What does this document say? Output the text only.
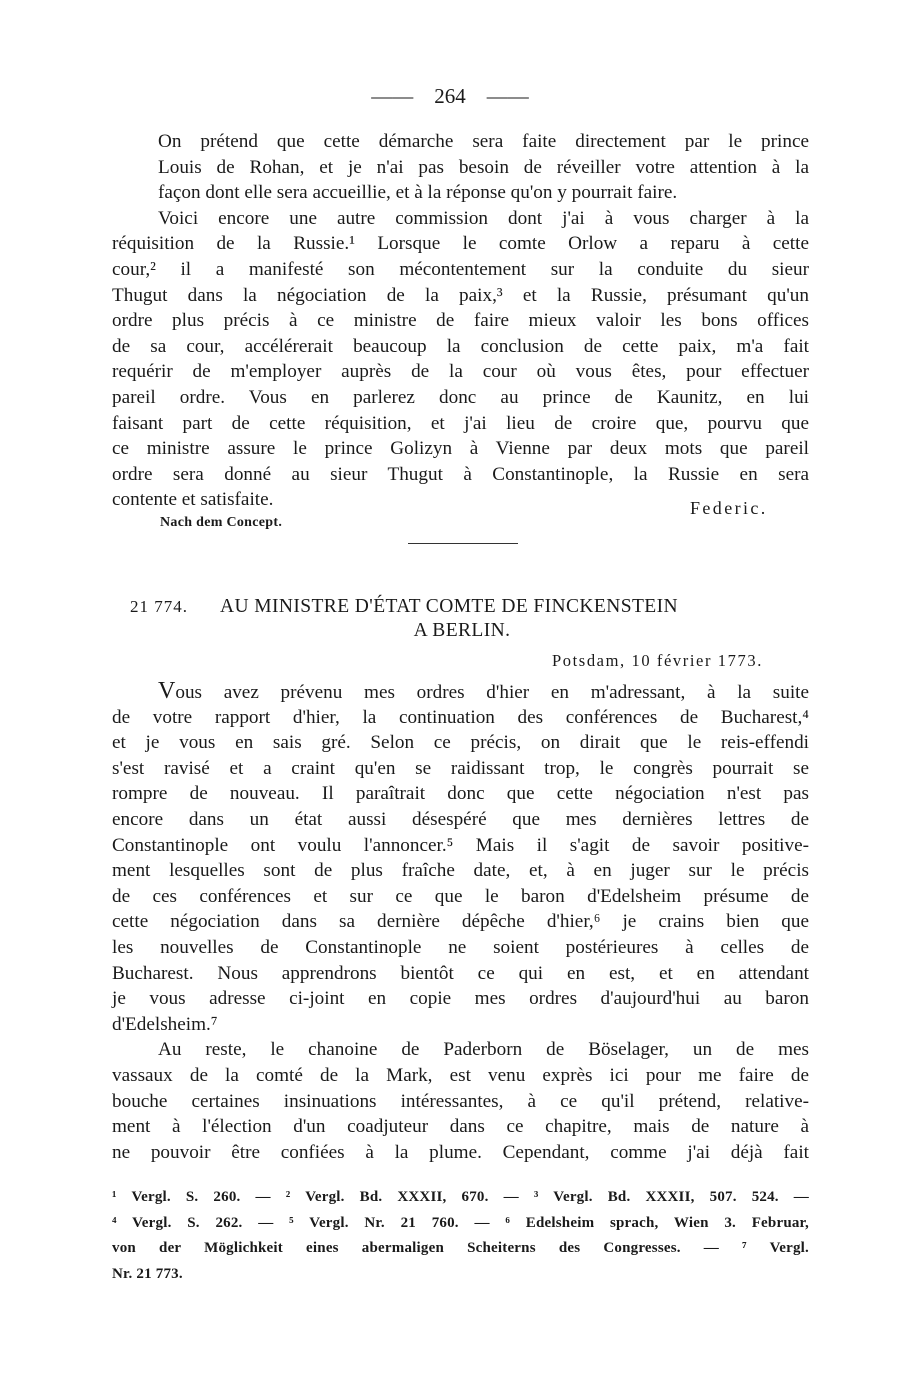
—— 264 ——

On prétend que cette démarche sera faite directement par le prince
Louis de Rohan, et je n'ai pas besoin de réveiller votre attention à la
façon dont elle sera accueillie, et à la réponse qu'on y pourrait faire.

Voici encore une autre commission dont j'ai à vous charger à la
réquisition de la Russie.¹ Lorsque le comte Orlow a reparu à cette
cour,² il a manifesté son mécontentement sur la conduite du sieur
Thugut dans la négociation de la paix,³ et la Russie, présumant qu'un
ordre plus précis à ce ministre de faire mieux valoir les bons offices
de sa cour, accélérerait beaucoup la conclusion de cette paix, m'a fait
requérir de m'employer auprès de la cour où vous êtes, pour effectuer
pareil ordre. Vous en parlerez donc au prince de Kaunitz, en lui
faisant part de cette réquisition, et j'ai lieu de croire que, pourvu que
ce ministre assure le prince Golizyn à Vienne par deux mots que pareil
ordre sera donné au sieur Thugut à Constantinople, la Russie en sera
contente et satisfaite.	Federic.
Nach dem Concept.
21 774. AU MINISTRE D'ÉTAT COMTE DE FINCKENSTEIN
A BERLIN.
Potsdam, 10 février 1773.

Vous avez prévenu mes ordres d'hier en m'adressant, à la suite
de votre rapport d'hier, la continuation des conférences de Bucharest,⁴
et je vous en sais gré. Selon ce précis, on dirait que le reis-effendi
s'est ravisé et a craint qu'en se raidissant trop, le congrès pourrait se
rompre de nouveau. Il paraîtrait donc que cette négociation n'est pas
encore dans un état aussi désespéré que mes dernières lettres de
Constantinople ont voulu l'annoncer.⁵ Mais il s'agit de savoir positive-
ment lesquelles sont de plus fraîche date, et, à en juger sur le précis
de ces conférences et sur ce que le baron d'Edelsheim présume de
cette négociation dans sa dernière dépêche d'hier,⁶ je crains bien que
les nouvelles de Constantinople ne soient postérieures à celles de
Bucharest. Nous apprendrons bientôt ce qui en est, et en attendant
je vous adresse ci-joint en copie mes ordres d'aujourd'hui au baron
d'Edelsheim.⁷

Au reste, le chanoine de Paderborn de Böselager, un de mes
vassaux de la comté de la Mark, est venu exprès ici pour me faire de
bouche certaines insinuations intéressantes, à ce qu'il prétend, relative-
ment à l'élection d'un coadjuteur dans ce chapitre, mais de nature à
ne pouvoir être confiées à la plume. Cependant, comme j'ai déjà fait

¹ Vergl. S. 260. — ² Vergl. Bd. XXXII, 670. — ³ Vergl. Bd. XXXII, 507. 524. —
⁴ Vergl. S. 262. — ⁵ Vergl. Nr. 21 760. — ⁶ Edelsheim sprach, Wien 3. Februar,
von der Möglichkeit eines abermaligen Scheiterns des Congresses. — ⁷ Vergl.
Nr. 21 773.
